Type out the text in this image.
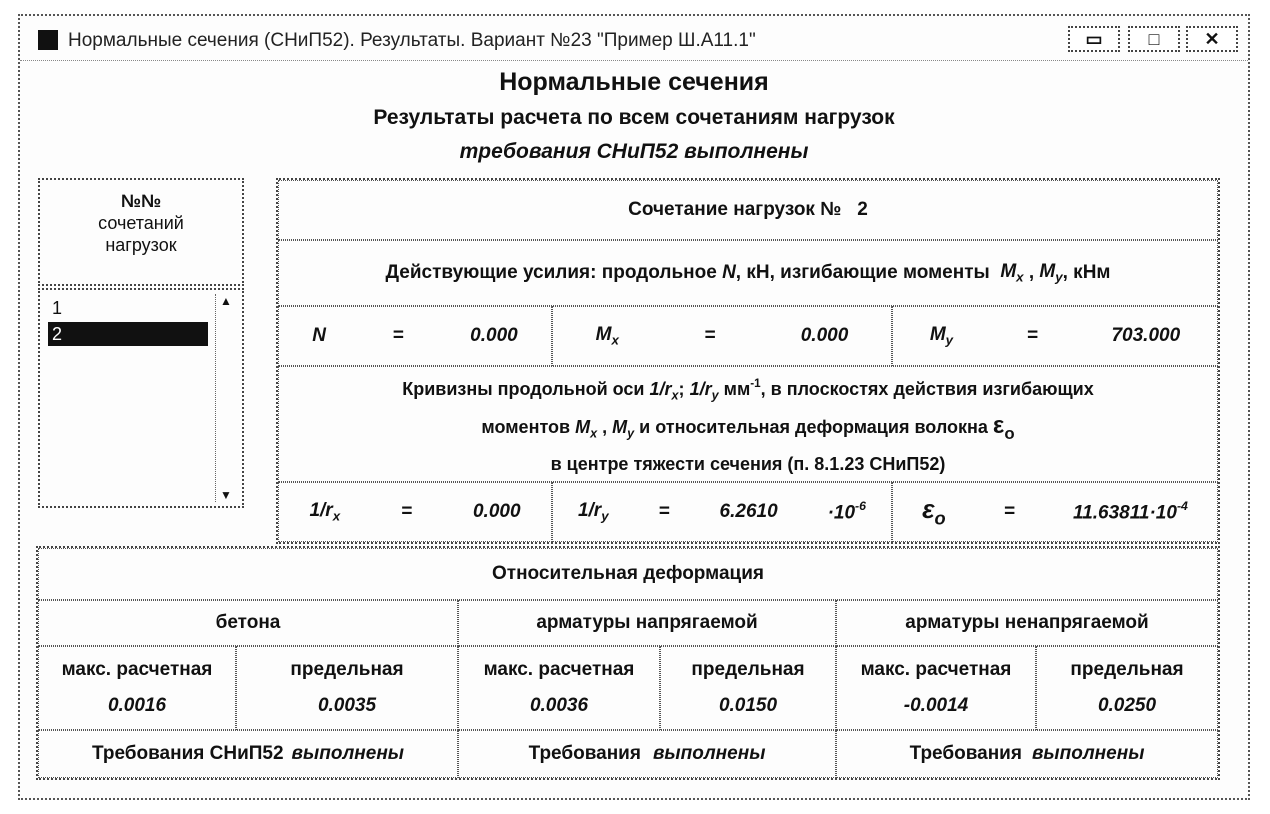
Нормальные сечения (СНиП52). Результаты. Вариант №23 "Пример Ш.А11.1"	▭	□	✕
Нормальные сечения
Результаты расчета по всем сочетаниям нагрузок
требования СНиП52 выполнены
№№
сочетаний
нагрузок
1
2
▲
▼
Сочетание нагрузок №
2
Действующие усилия: продольное
N , кН, изгибающие моменты
$M_x$ , $M_y$ , кНм
N	=	0.000	$M_x$	=	0.000	$M_y$	=	703.000
Кривизны продольной оси $1/r_x$; $1/r_y$ $мм^{-1}$, в плоскостях действия изгибающих
моментов $M_x$ , $M_y$ и относительная деформация волокна $\varepsilon_o$
в центре тяжести сечения (п. 8.1.23 СНиП52)
$1/r_x$	=	0.000	$1/r_y$	=	6.2610	$\cdot 10^{-6}$ $\varepsilon_o$	=	$11.63811\cdot 10^{-4}$
Относительная деформация
бетона	арматуры напрягаемой	арматуры ненапрягаемой
макс. расчетная
0.0016
предельная
0.0035
макс. расчетная
0.0036
предельная
0.0150
макс. расчетная
-0.0014
предельная
0.0250
Требования СНиП52 выполнены	Требования выполнены	Требования выполнены
